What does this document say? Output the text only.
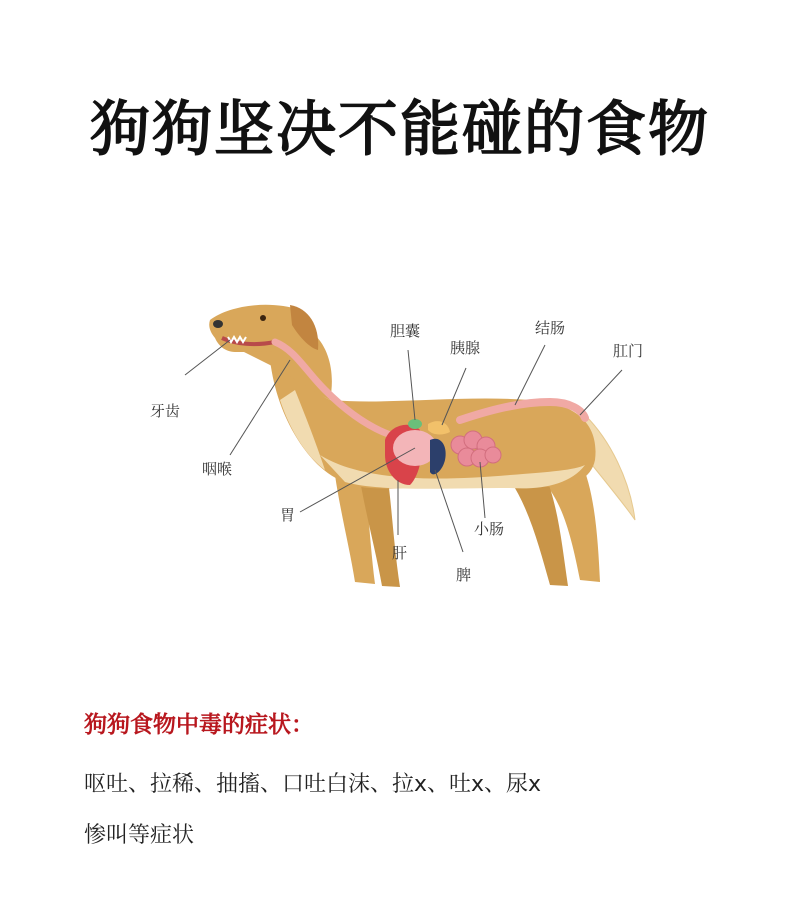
狗狗坚决不能碰的食物
牙齿
咽喉
胃
肝
脾
小肠
胆囊
胰腺
结肠
肛门
狗狗食物中毒的症状：
呕吐、拉稀、抽搐、口吐白沫、拉x、吐x、尿x
惨叫等症状
